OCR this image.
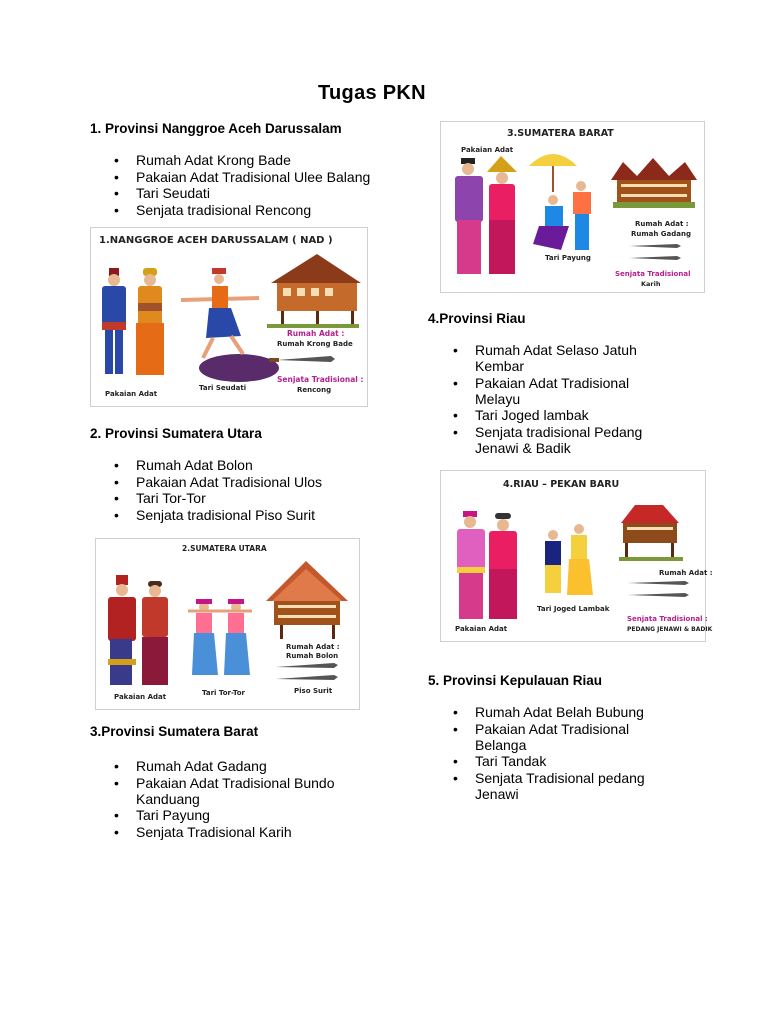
Tugas PKN
1. Provinsi Nanggroe Aceh Darussalam
• Rumah Adat Krong Bade
• Pakaian Adat Tradisional Ulee Balang
• Tari Seudati
• Senjata tradisional Rencong
1.NANGGROE ACEH DARUSSALAM ( NAD )
Rumah Adat :
Rumah Krong Bade
Senjata Tradisional :
Rencong
Pakaian Adat
Tari Seudati
2. Provinsi Sumatera Utara
• Rumah Adat Bolon
• Pakaian Adat Tradisional Ulos
• Tari Tor-Tor
• Senjata tradisional Piso Surit
2.SUMATERA UTARA
Rumah Adat :
Rumah Bolon
Piso Surit
Pakaian Adat	Tari Tor-Tor
3.Provinsi Sumatera Barat
• Rumah Adat Gadang
• Pakaian Adat Tradisional Bundo Kanduang
• Tari Payung
• Senjata Tradisional Karih
3.SUMATERA BARAT
Pakaian Adat
Rumah Adat :
Rumah Gadang
Senjata Tradisional
Karih
Tari Payung
4.Provinsi Riau
• Rumah Adat Selaso Jatuh Kembar
• Pakaian Adat Tradisional Melayu
• Tari Joged lambak
• Senjata tradisional Pedang Jenawi & Badik
4.RIAU – PEKAN BARU
Rumah Adat :
Senjata Tradisional :
PEDANG JENAWI & BADIK
Pakaian Adat
Tari Joged Lambak
5. Provinsi Kepulauan Riau
• Rumah Adat Belah Bubung
• Pakaian Adat Tradisional Belanga
• Tari Tandak
• Senjata Tradisional pedang Jenawi
